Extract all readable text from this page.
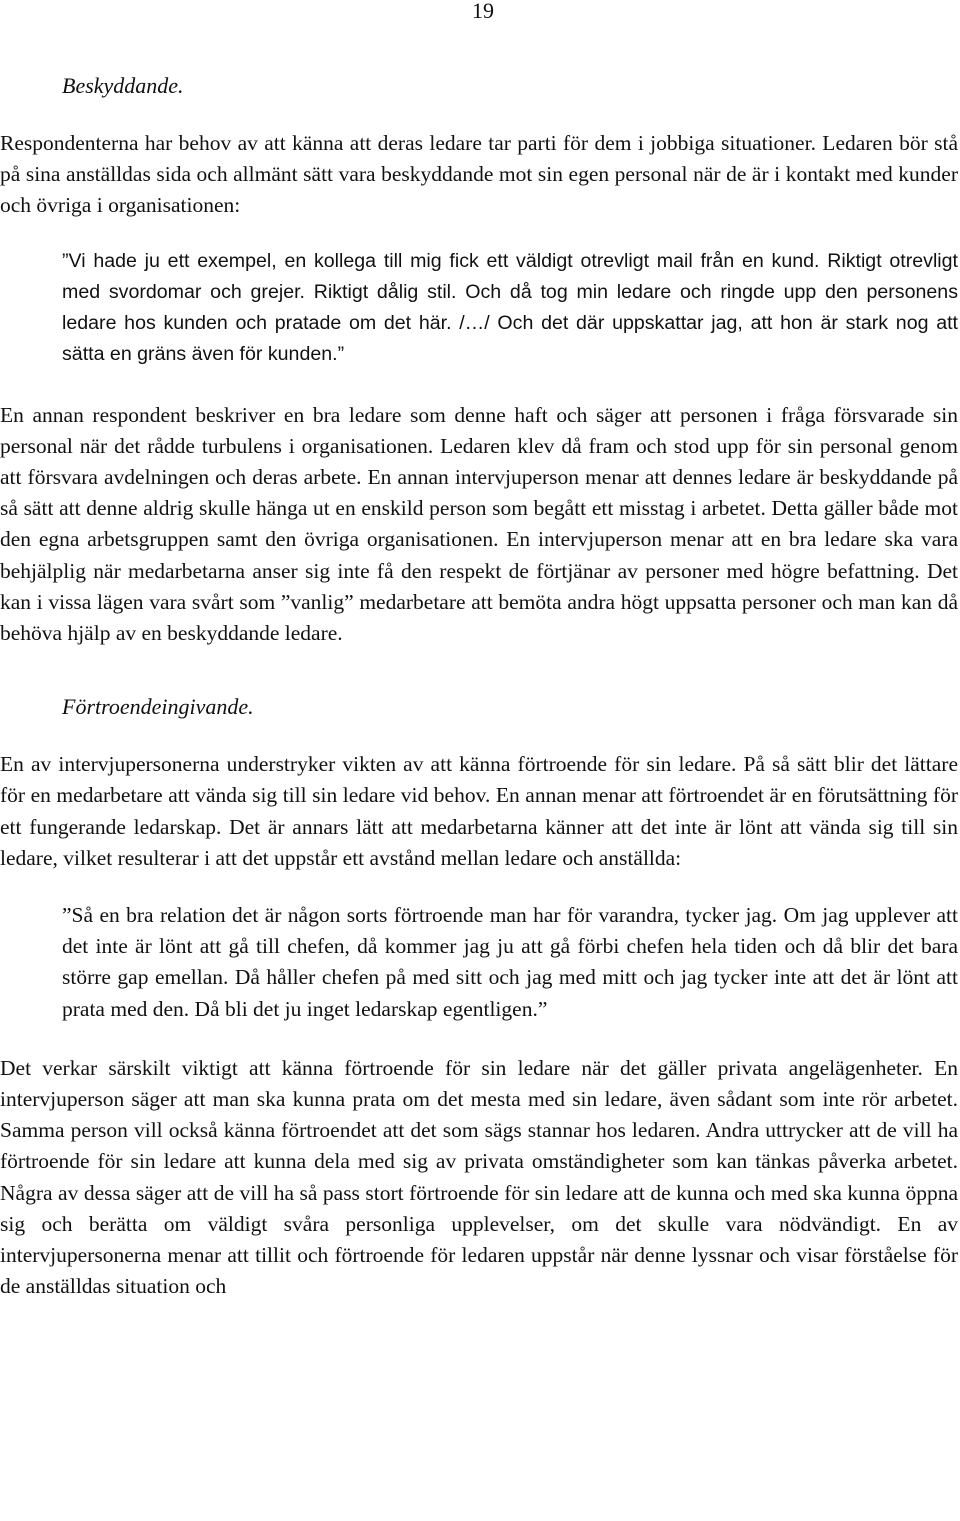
19
Beskyddande.

Respondenterna har behov av att känna att deras ledare tar parti för dem i jobbiga situationer. Ledaren bör stå på sina anställdas sida och allmänt sätt vara beskyddande mot sin egen personal när de är i kontakt med kunder och övriga i organisationen:

”Vi hade ju ett exempel, en kollega till mig fick ett väldigt otrevligt mail från en kund. Riktigt otrevligt med svordomar och grejer. Riktigt dålig stil. Och då tog min ledare och ringde upp den personens ledare hos kunden och pratade om det här. /…/ Och det där uppskattar jag, att hon är stark nog att sätta en gräns även för kunden.”

En annan respondent beskriver en bra ledare som denne haft och säger att personen i fråga försvarade sin personal när det rådde turbulens i organisationen. Ledaren klev då fram och stod upp för sin personal genom att försvara avdelningen och deras arbete. En annan intervjuperson menar att dennes ledare är beskyddande på så sätt att denne aldrig skulle hänga ut en enskild person som begått ett misstag i arbetet. Detta gäller både mot den egna arbetsgruppen samt den övriga organisationen. En intervjuperson menar att en bra ledare ska vara behjälplig när medarbetarna anser sig inte få den respekt de förtjänar av personer med högre befattning. Det kan i vissa lägen vara svårt som ”vanlig” medarbetare att bemöta andra högt uppsatta personer och man kan då behöva hjälp av en beskyddande ledare.

Förtroendeingivande.

En av intervjupersonerna understryker vikten av att känna förtroende för sin ledare. På så sätt blir det lättare för en medarbetare att vända sig till sin ledare vid behov. En annan menar att förtroendet är en förutsättning för ett fungerande ledarskap. Det är annars lätt att medarbetarna känner att det inte är lönt att vända sig till sin ledare, vilket resulterar i att det uppstår ett avstånd mellan ledare och anställda:

”Så en bra relation det är någon sorts förtroende man har för varandra, tycker jag. Om jag upplever att det inte är lönt att gå till chefen, då kommer jag ju att gå förbi chefen hela tiden och då blir det bara större gap emellan. Då håller chefen på med sitt och jag med mitt och jag tycker inte att det är lönt att prata med den. Då bli det ju inget ledarskap egentligen.”

Det verkar särskilt viktigt att känna förtroende för sin ledare när det gäller privata angelägenheter. En intervjuperson säger att man ska kunna prata om det mesta med sin ledare, även sådant som inte rör arbetet. Samma person vill också känna förtroendet att det som sägs stannar hos ledaren. Andra uttrycker att de vill ha förtroende för sin ledare att kunna dela med sig av privata omständigheter som kan tänkas påverka arbetet. Några av dessa säger att de vill ha så pass stort förtroende för sin ledare att de kunna och med ska kunna öppna sig och berätta om väldigt svåra personliga upplevelser, om det skulle vara nödvändigt. En av intervjupersonerna menar att tillit och förtroende för ledaren uppstår när denne lyssnar och visar förståelse för de anställdas situation och
